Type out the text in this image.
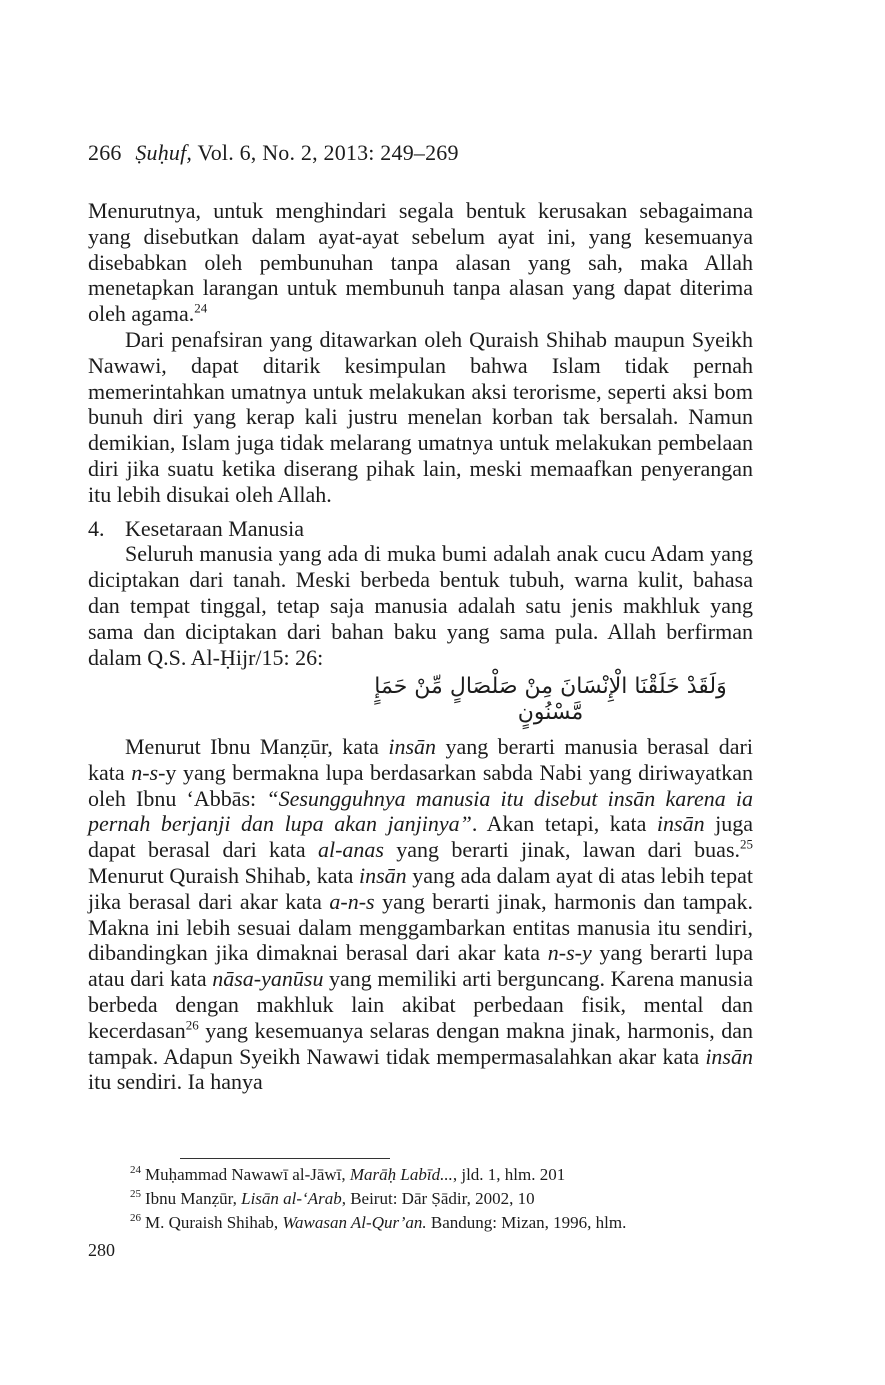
266 Ṣuḥuf, Vol. 6, No. 2, 2013: 249–269

Menurutnya, untuk menghindari segala bentuk kerusakan sebagaimana yang disebutkan dalam ayat-ayat sebelum ayat ini, yang kesemuanya disebabkan oleh pembunuhan tanpa alasan yang sah, maka Allah menetapkan larangan untuk membunuh tanpa alasan yang dapat diterima oleh agama.$^{24}$

Dari penafsiran yang ditawarkan oleh Quraish Shihab maupun Syeikh Nawawi, dapat ditarik kesimpulan bahwa Islam tidak pernah memerintahkan umatnya untuk melakukan aksi terorisme, seperti aksi bom bunuh diri yang kerap kali justru menelan korban tak bersalah. Namun demikian, Islam juga tidak melarang umatnya untuk melakukan pembelaan diri jika suatu ketika diserang pihak lain, meski memaafkan penyerangan itu lebih disukai oleh Allah.

4. Kesetaraan Manusia

Seluruh manusia yang ada di muka bumi adalah anak cucu Adam yang diciptakan dari tanah. Meski berbeda bentuk tubuh, warna kulit, bahasa dan tempat tinggal, tetap saja manusia adalah satu jenis makhluk yang sama dan diciptakan dari bahan baku yang sama pula. Allah berfirman dalam Q.S. Al-Ḥijr/15: 26:

وَلَقَدْ خَلَقْنَا الْإِنْسَانَ مِنْ صَلْصَالٍ مِّنْ حَمَإٍ مَّسْنُونٍ

Menurut Ibnu Manẓūr, kata insān yang berarti manusia berasal dari kata n-s-y yang bermakna lupa berdasarkan sabda Nabi yang diriwayatkan oleh Ibnu ‘Abbās: “Sesungguhnya manusia itu disebut insān karena ia pernah berjanji dan lupa akan janjinya”. Akan tetapi, kata insān juga dapat berasal dari kata al-anas yang berarti jinak, lawan dari buas.$^{25}$ Menurut Quraish Shihab, kata insān yang ada dalam ayat di atas lebih tepat jika berasal dari akar kata a-n-s yang berarti jinak, harmonis dan tampak. Makna ini lebih sesuai dalam menggambarkan entitas manusia itu sendiri, dibandingkan jika dimaknai berasal dari akar kata n-s-y yang berarti lupa atau dari kata nāsa-yanūsu yang memiliki arti berguncang. Karena manusia berbeda dengan makhluk lain akibat perbedaan fisik, mental dan kecerdasan$^{26}$ yang kesemuanya selaras dengan makna jinak, harmonis, dan tampak. Adapun Syeikh Nawawi tidak mempermasalahkan akar kata insān itu sendiri. Ia hanya

$^{24}$ Muḥammad Nawawī al-Jāwī, Marāḥ Labīd..., jld. 1, hlm. 201

$^{25}$ Ibnu Manẓūr, Lisān al-‘Arab, Beirut: Dār Ṣādir, 2002, 10

$^{26}$ M. Quraish Shihab, Wawasan Al-Qur’an. Bandung: Mizan, 1996, hlm.

280
